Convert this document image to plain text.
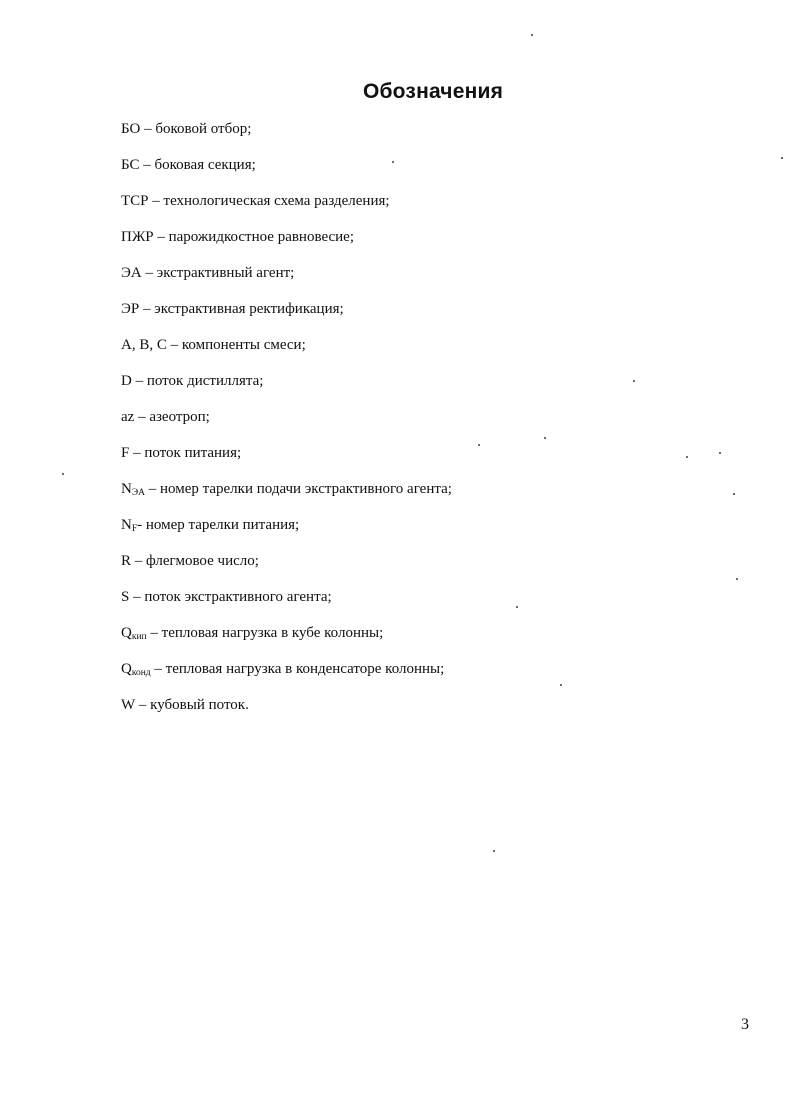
Обозначения
БО – боковой отбор;
БС – боковая секция;
ТСР – технологическая схема разделения;
ПЖР – парожидкостное равновесие;
ЭА – экстрактивный агент;
ЭР – экстрактивная ректификация;
A, B, C – компоненты смеси;
D – поток дистиллята;
az – азеотроп;
F – поток питания;
$N_{ЭА}$ – номер тарелки подачи экстрактивного агента;
$N_F-$ номер тарелки питания;
R – флегмовое число;
S – поток экстрактивного агента;
$Q_{кип}$ – тепловая нагрузка в кубе колонны;
$Q_{конд}$ – тепловая нагрузка в конденсаторе колонны;
W – кубовый поток.
3
